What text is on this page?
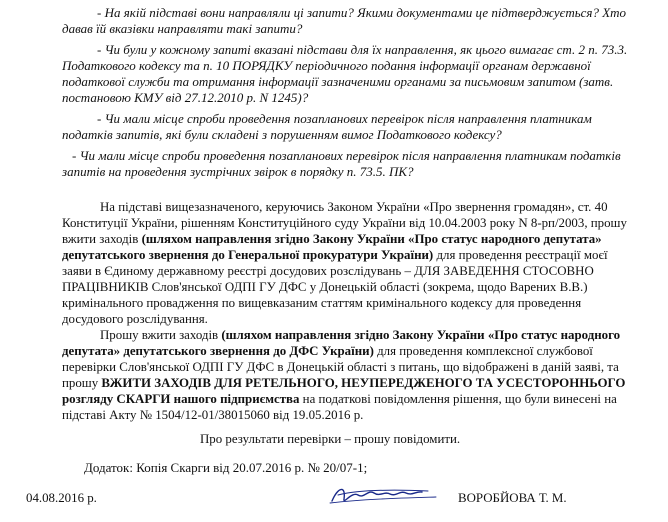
- На якій підставі вони направляли ці запити? Якими документами це підтверджується? Хто
давав їй вказівки направляти такі запити?
- Чи були у кожному запиті вказані підстави для їх направлення, як цього вимагає ст. 2 п. 73.3.
Податкового кодексу та п. 10 ПОРЯДКУ періодичного подання інформації органам державної
податкової служби та отримання інформації зазначеними органами за письмовим запитом (затв.
постановою КМУ від 27.12.2010 р. N 1245)?
- Чи мали місце спроби проведення позапланових перевірок після направлення платникам
податків запитів, які були складені з порушенням вимог Податкового кодексу?
- Чи мали місце спроби проведення позапланових перевірок після направлення платникам податків
запитів на проведення зустрічних звірок в порядку п. 73.5. ПК?
На підставі вищезазначеного, керуючись Законом України «Про звернення громадян», ст. 40
Конституції України, рішенням Конституційного суду України від 10.04.2003 року N 8-рп/2003, прошу
вжити заходів (шляхом направлення згідно Закону України «Про статус народного депутата»
депутатського звернення до Генеральної прокуратури України) для проведення реєстрації моєї
заяви в Єдиному державному реєстрі досудових розслідувань – ДЛЯ ЗАВЕДЕННЯ СТОСОВНО
ПРАЦІВНИКІВ Слов'янської ОДПІ ГУ ДФС у Донецькій області (зокрема, щодо Варених В.В.)
кримінального провадження по вищевказаним статтям кримінального кодексу для проведення
досудового розслідування.
Прошу вжити заходів (шляхом направлення згідно Закону України «Про статус народного
депутата» депутатського звернення до ДФС України) для проведення комплексної службової
перевірки Слов'янської ОДПІ ГУ ДФС в Донецькій області з питань, що відображені в даній заяві, та
прошу ВЖИТИ ЗАХОДІВ ДЛЯ РЕТЕЛЬНОГО, НЕУПЕРЕДЖЕНОГО ТА УСЕСТОРОННЬОГО
розгляду СКАРГИ нашого підприємства на податкові повідомлення рішення, що були винесені на
підставі Акту № 1504/12-01/38015060 від 19.05.2016 р.
Про результати перевірки – прошу повідомити.
Додаток: Копія Скарги від 20.07.2016 р. № 20/07-1;
04.08.2016 р.	ВОРОБЙОВА Т. М.
